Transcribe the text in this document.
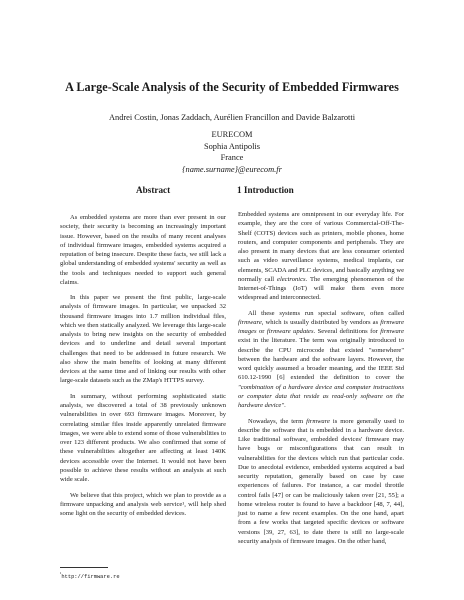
A Large-Scale Analysis of the Security of Embedded Firmwares
Andrei Costin, Jonas Zaddach, Aurélien Francillon and Davide Balzarotti
EURECOM
Sophia Antipolis
France
{name.surname}@eurecom.fr
Abstract	1 Introduction

As embedded systems are more than ever present in our society, their security is becoming an increasingly important issue. However, based on the results of many recent analyses of individual firmware images, embedded systems acquired a reputation of being insecure. Despite these facts, we still lack a global understanding of embedded systems' security as well as the tools and techniques needed to support such general claims.

In this paper we present the first public, large-scale analysis of firmware images. In particular, we unpacked 32 thousand firmware images into 1.7 million individual files, which we then statically analyzed. We leverage this large-scale analysis to bring new insights on the security of embedded devices and to underline and detail several important challenges that need to be addressed in future research. We also show the main benefits of looking at many different devices at the same time and of linking our results with other large-scale datasets such as the ZMap's HTTPS survey.

In summary, without performing sophisticated static analysis, we discovered a total of 38 previously unknown vulnerabilities in over 693 firmware images. Moreover, by correlating similar files inside apparently unrelated firmware images, we were able to extend some of those vulnerabilities to over 123 different products. We also confirmed that some of these vulnerabilities altogether are affecting at least 140K devices accessible over the Internet. It would not have been possible to achieve these results without an analysis at such wide scale.

We believe that this project, which we plan to provide as a firmware unpacking and analysis web service¹, will help shed some light on the security of embedded devices.

Embedded systems are omnipresent in our everyday life. For example, they are the core of various Commercial-Off-The-Shelf (COTS) devices such as printers, mobile phones, home routers, and computer components and peripherals. They are also present in many devices that are less consumer oriented such as video surveillance systems, medical implants, car elements, SCADA and PLC devices, and basically anything we normally call electronics. The emerging phenomenon of the Internet-of-Things (IoT) will make them even more widespread and interconnected.

All these systems run special software, often called firmware, which is usually distributed by vendors as firmware images or firmware updates. Several definitions for firmware exist in the literature. The term was originally introduced to describe the CPU microcode that existed "somewhere" between the hardware and the software layers. However, the word quickly assumed a broader meaning, and the IEEE Std 610.12-1990 [6] extended the definition to cover the "combination of a hardware device and computer instructions or computer data that reside as read-only software on the hardware device".

Nowadays, the term firmware is more generally used to describe the software that is embedded in a hardware device. Like traditional software, embedded devices' firmware may have bugs or misconfigurations that can result in vulnerabilities for the devices which run that particular code. Due to anecdotal evidence, embedded systems acquired a bad security reputation, generally based on case by case experiences of failures. For instance, a car model throttle control fails [47] or can be maliciously taken over [21, 55]; a home wireless router is found to have a backdoor [48, 7, 44], just to name a few recent examples. On the one hand, apart from a few works that targeted specific devices or software versions [39, 27, 63], to date there is still no large-scale security analysis of firmware images. On the other hand,

$^{^1}$http://firmware.re
